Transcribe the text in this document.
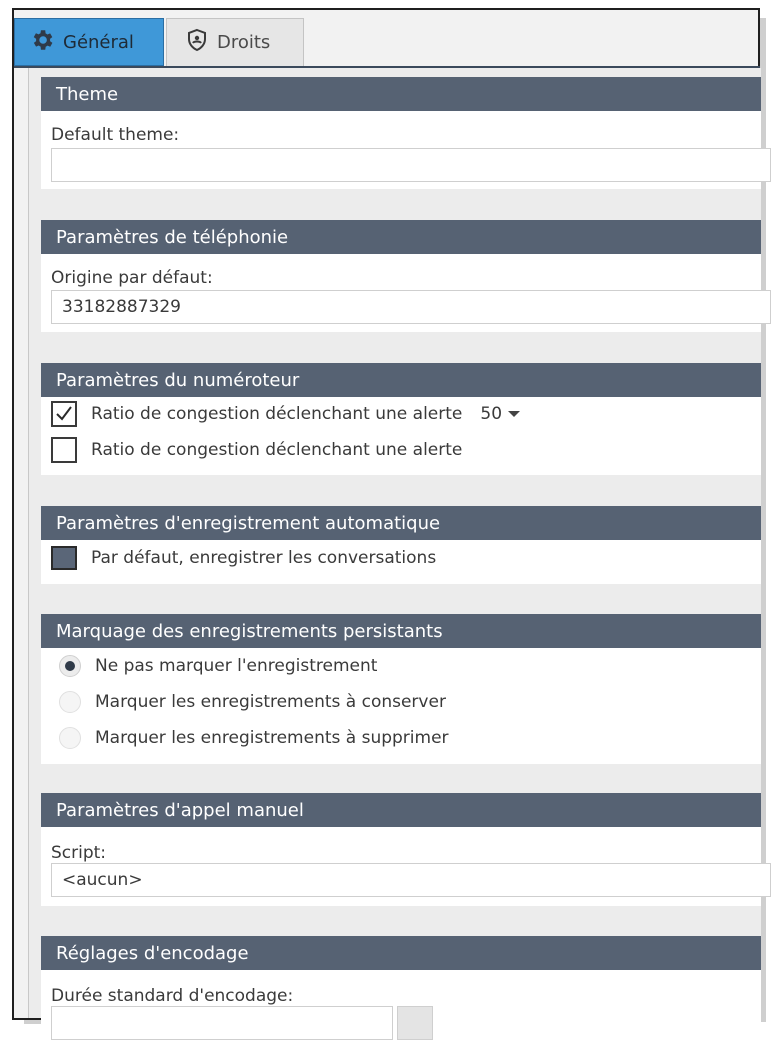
Général	Droits
Theme
Default theme:
Paramètres de téléphonie
Origine par défaut:
33182887329
Paramètres du numéroteur
Ratio de congestion déclenchant une alerte 50
Ratio de congestion déclenchant une alerte
Paramètres d'enregistrement automatique
Par défaut, enregistrer les conversations
Marquage des enregistrements persistants
Ne pas marquer l'enregistrement
Marquer les enregistrements à conserver
Marquer les enregistrements à supprimer
Paramètres d'appel manuel
Script:
<aucun>
Réglages d'encodage
Durée standard d'encodage:
